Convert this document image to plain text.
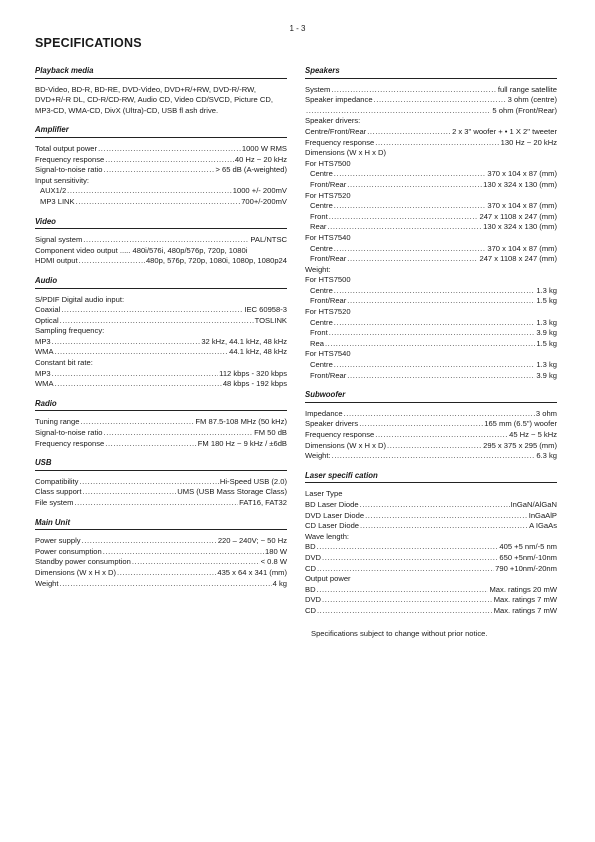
1 - 3
SPECIFICATIONS
Playback media
BD-Video, BD-R, BD-RE, DVD-Video, DVD+R/+RW, DVD-R/-RW, DVD+R/-R DL, CD-R/CD-RW, Audio CD, Video CD/SVCD, Picture CD, MP3-CD, WMA-CD, DivX (Ultra)-CD, USB fl ash drive.
Amplifier
Total output power .....	1000 W RMS
Frequency response .....	40 Hz ~ 20 kHz
Signal-to-noise ratio .....	> 65 dB (A-weighted)
Input sensitivity:
AUX1/2 .....	1000 +/- 200mV
MP3 LINK .....	700+/-200mV
Video
Signal system .....	PAL/NTSC
Component video output ..... 480i/576i, 480p/576p, 720p, 1080i
HDMI output .....	480p, 576p, 720p, 1080i, 1080p, 1080p24
Audio
S/PDIF Digital audio input:
Coaxial .....	IEC 60958-3
Optical .....	TOSLINK
Sampling frequency:
MP3 .....	32 kHz, 44.1 kHz, 48 kHz
WMA .....	44.1 kHz, 48 kHz
Constant bit rate:
MP3 .....	112 kbps - 320 kbps
WMA .....	48 kbps - 192 kbps
Radio
Tuning range .....	FM 87.5-108 MHz (50 kHz)
Signal-to-noise ratio .....	FM 50 dB
Frequency response .....	FM 180 Hz ~ 9 kHz / ±6dB
USB
Compatibility .....	Hi-Speed USB (2.0)
Class support .....	UMS (USB Mass Storage Class)
File system .....	FAT16, FAT32
Main Unit
Power supply .....	220 – 240V; ~ 50 Hz
Power consumption .....	180 W
Standby power consumption .....	< 0.8 W
Dimensions (W x H x D) .....	435 x 64 x 341 (mm)
Weight .....	4 kg
Speakers
System .....	full range satellite
Speaker impedance .....	3 ohm (centre)
.....
5 ohm (Front/Rear)
Speaker drivers:
Centre/Front/Rear .....	2 x 3" woofer + • 1 X 2" tweeter
Frequency response .....	130 Hz ~ 20 kHz
Dimensions (W x H x D)
For HTS7500
Centre .....	370 x 104 x 87 (mm)
Front/Rear .....	130 x 324 x 130 (mm)
For HTS7520
Centre .....	370 x 104 x 87 (mm)
Front .....	247 x 1108 x 247 (mm)
Rear .....	130 x 324 x 130 (mm)
For HTS7540
Centre .....	370 x 104 x 87 (mm)
Front/Rear .....	247 x 1108 x 247 (mm)
Weight:
For HTS7500
Centre .....	1.3 kg
Front/Rear .....	1.5 kg
For HTS7520
Centre .....	1.3 kg
Front .....	3.9 kg
Rea .....	1.5 kg
For HTS7540
Centre .....	1.3 kg
Front/Rear .....	3.9 kg
Subwoofer
Impedance .....	3 ohm
Speaker drivers .....	165 mm (6.5") woofer
Frequency response .....	45 Hz ~ 5 kHz
Dimensions (W x H x D) .....	295 x 375 x 295 (mm)
Weight: .....	6.3 kg
Laser specifi cation
Laser Type
BD Laser Diode .....	InGaN/AlGaN
DVD Laser Diode .....	InGaAlP
CD Laser Diode .....	A IGaAs
Wave length:
BD .....	405 +5 nm/-5 nm
DVD .....	650 +5nm/-10nm
CD .....	790 +10nm/-20nm
Output power
BD .....	Max. ratings 20 mW
DVD .....	Max. ratings 7 mW
CD .....	Max. ratings 7 mW
Specifications subject to change without prior notice.
